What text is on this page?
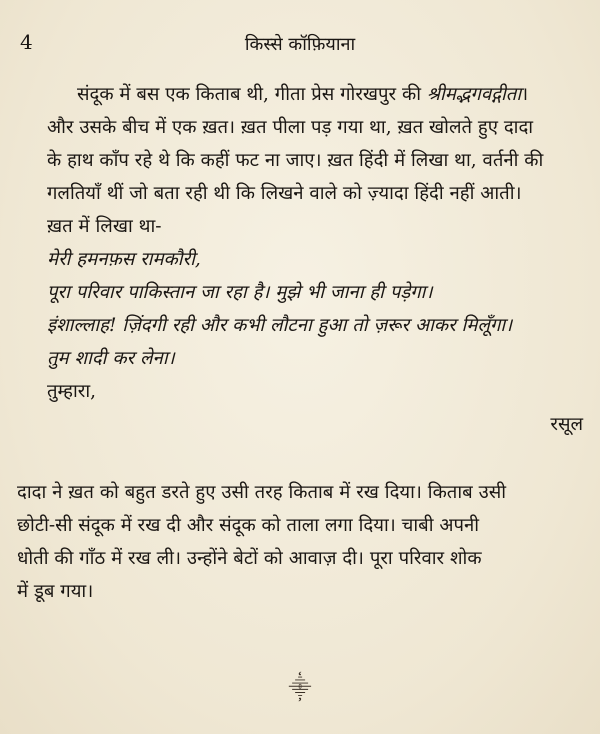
4	किस्से कॉफ़ियाना
संदूक में बस एक किताब थी, गीता प्रेस गोरखपुर की श्रीमद्भगवद्गीता।
और उसके बीच में एक ख़त। ख़त पीला पड़ गया था, ख़त खोलते हुए दादा
के हाथ काँप रहे थे कि कहीं फट ना जाए। ख़त हिंदी में लिखा था, वर्तनी की
गलतियाँ थीं जो बता रही थी कि लिखने वाले को ज़्यादा हिंदी नहीं आती।
ख़त में लिखा था-
मेरी हमनफ़स रामकौरी,
पूरा परिवार पाकिस्तान जा रहा है। मुझे भी जाना ही पड़ेगा।
इंशाल्लाह! ज़िंदगी रही और कभी लौटना हुआ तो ज़रूर आकर मिलूँगा।
तुम शादी कर लेना।
तुम्हारा,
रसूल
दादा ने ख़त को बहुत डरते हुए उसी तरह किताब में रख दिया। किताब उसी
छोटी-सी संदूक में रख दी और संदूक को ताला लगा दिया। चाबी अपनी
धोती की गाँठ में रख ली। उन्होंने बेटों को आवाज़ दी। पूरा परिवार शोक
में डूब गया।
⸎
